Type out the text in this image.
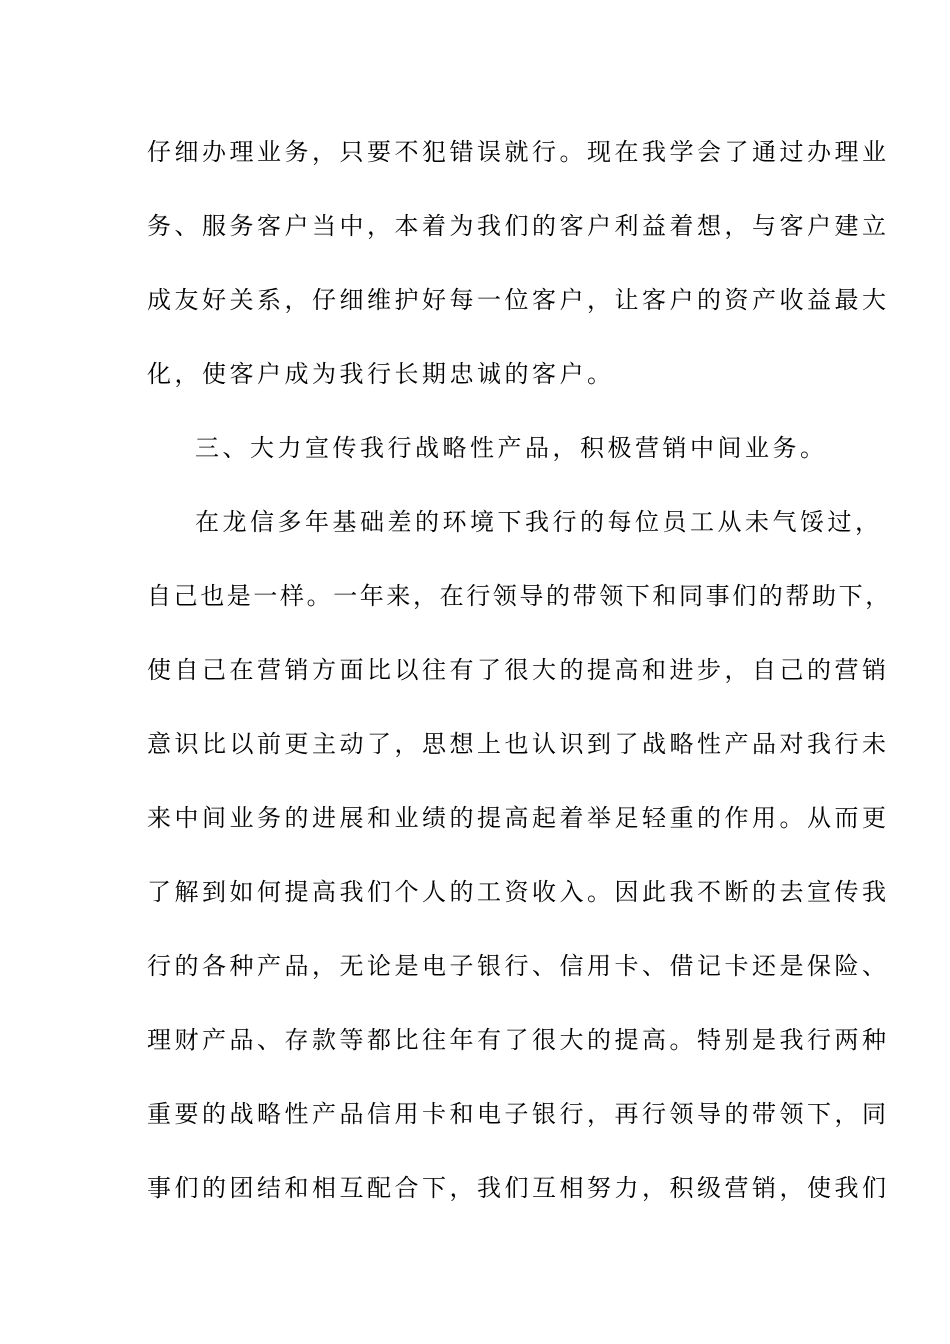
仔细办理业务，只要不犯错误就行。现在我学会了通过办理业
务、服务客户当中，本着为我们的客户利益着想，与客户建立
成友好关系，仔细维护好每一位客户，让客户的资产收益最大
化，使客户成为我行长期忠诚的客户。
三、大力宣传我行战略性产品，积极营销中间业务。
在龙信多年基础差的环境下我行的每位员工从未气馁过，
自己也是一样。一年来，在行领导的带领下和同事们的帮助下，
使自己在营销方面比以往有了很大的提高和进步，自己的营销
意识比以前更主动了，思想上也认识到了战略性产品对我行未
来中间业务的进展和业绩的提高起着举足轻重的作用。从而更
了解到如何提高我们个人的工资收入。因此我不断的去宣传我
行的各种产品，无论是电子银行、信用卡、借记卡还是保险、
理财产品、存款等都比往年有了很大的提高。特别是我行两种
重要的战略性产品信用卡和电子银行，再行领导的带领下，同
事们的团结和相互配合下，我们互相努力，积级营销，使我们
